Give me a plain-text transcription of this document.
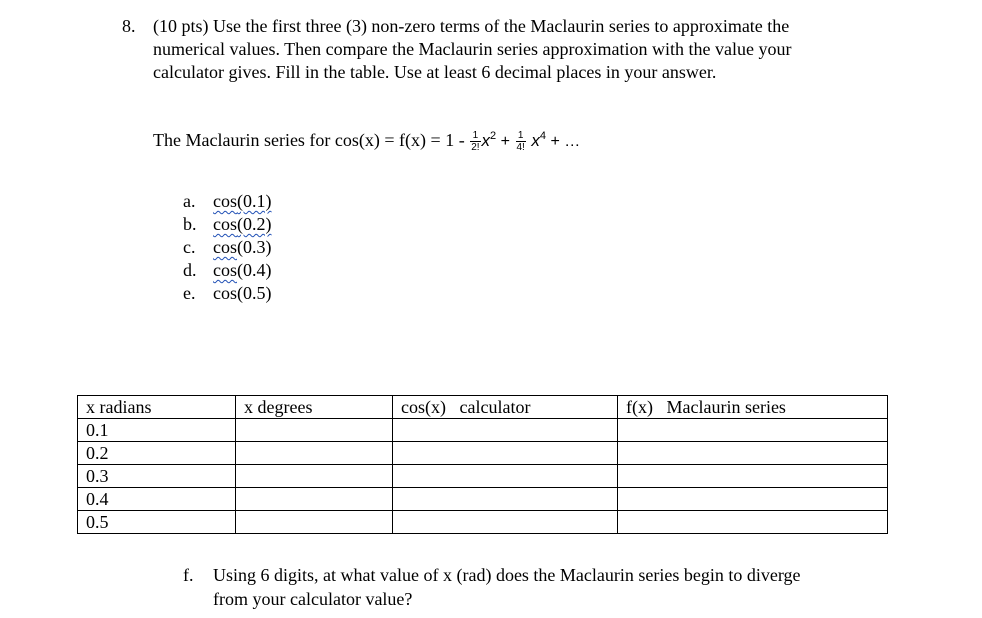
8. (10 pts) Use the first three (3) non-zero terms of the Maclaurin series to approximate the numerical values. Then compare the Maclaurin series approximation with the value your calculator gives. Fill in the table. Use at least 6 decimal places in your answer.
The Maclaurin series for $\cos(x) = f(x) = 1 - \frac{1}{2!} x^2 + \frac{1}{4!} x^4$ + …
a. cos(0.1)
b. cos(0.2)
c. cos(0.3)
d. cos(0.4)
e. cos(0.5)
x radians	x degrees	cos(x)   calculator	f(x)   Maclaurin series
0.1			
0.2			
0.3			
0.4			
0.5			
f. Using 6 digits, at what value of x (rad) does the Maclaurin series begin to diverge from your calculator value?
